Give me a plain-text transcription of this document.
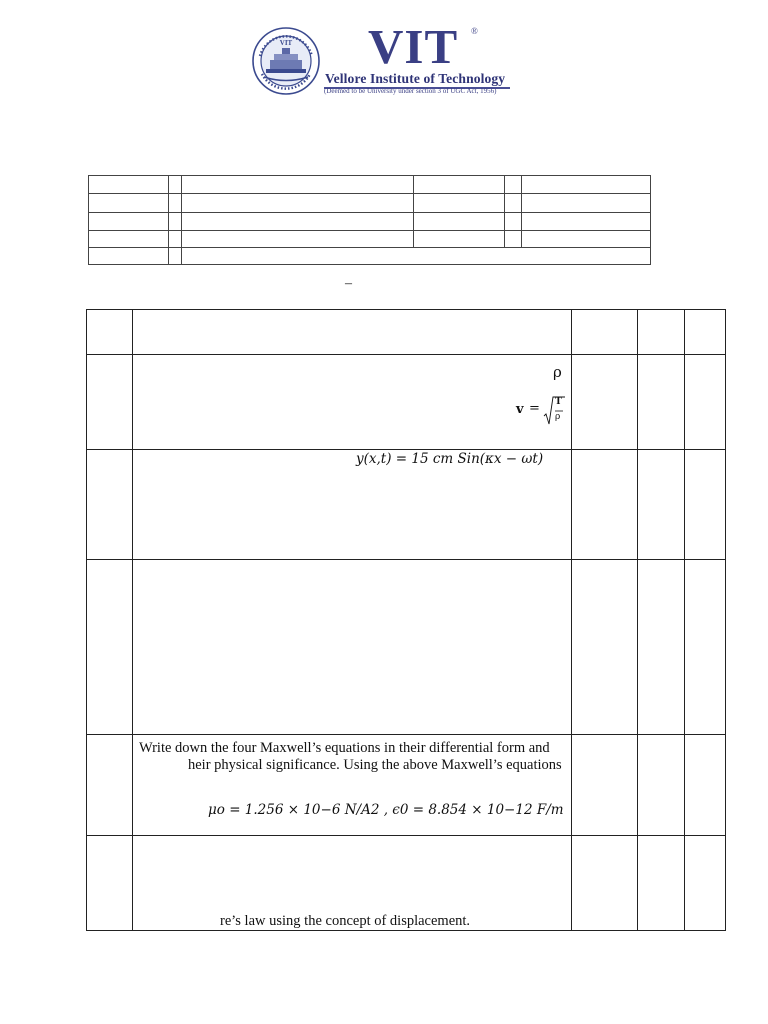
VIT VIT ®
Vellore Institute of Technology
(Deemed to be University under section 3 of UGC Act, 1956)
–
ρ
v = T
ρ
y(x,t) = 15 cm Sin(κx − ωt)
Write down the four Maxwell’s equations in their differential form and
heir physical significance. Using the above Maxwell’s equations
μo = 1.256 × 10−6 N/A2 , ϵ0 = 8.854 × 10−12 F/m
re’s law using the concept of displacement.
